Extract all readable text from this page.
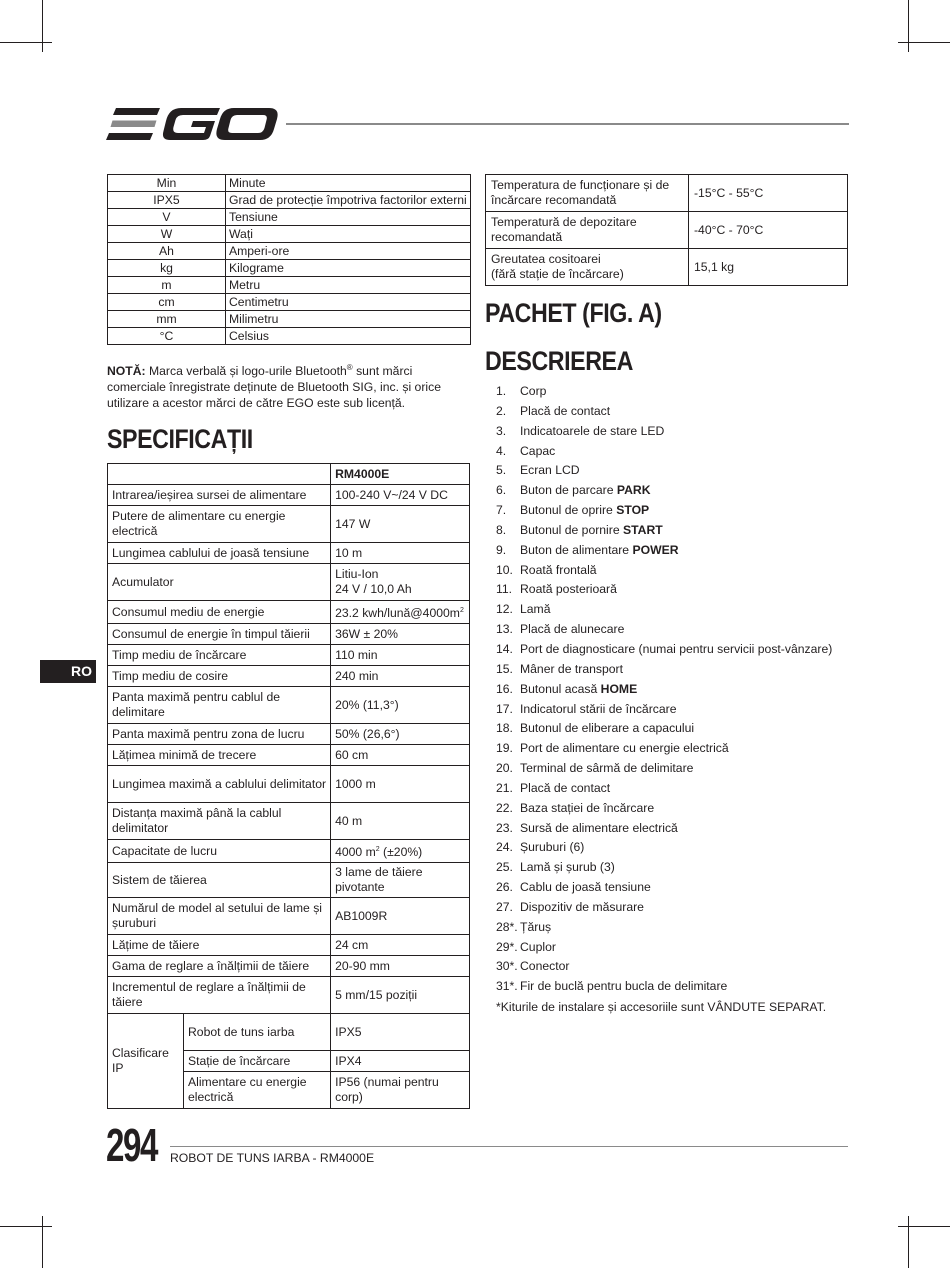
Min	Minute
IPX5	Grad de protecție împotriva factorilor externi
V	Tensiune
W	Wați
Ah	Amperi-ore
kg	Kilograme
m	Metru
cm	Centimetru
mm	Milimetru
°C	Celsius
NOTĂ: Marca verbală și logo-urile Bluetooth® sunt mărci comerciale înregistrate deținute de Bluetooth SIG, inc. și orice utilizare a acestor mărci de către EGO este sub licență.
SPECIFICAȚII
		RM4000E
Intrarea/ieșirea sursei de alimentare		100-240 V~/24 V DC
Putere de alimentare cu energie electrică		147 W
Lungimea cablului de joasă tensiune		10 m
Acumulator		Litiu-Ion
24 V / 10,0 Ah
Consumul mediu de energie		23.2 kwh/$lună@4000m^2$
Consumul de energie în timpul tăierii		36W ± 20%
Timp mediu de încărcare		110 min
Timp mediu de cosire		240 min
Panta maximă pentru cablul de delimitare		20% (11,3°)
Panta maximă pentru zona de lucru		50% (26,6°)
Lățimea minimă de trecere		60 cm
Lungimea maximă a cablului delimitator		1000 m
Distanța maximă până la cablul delimitator		40 m
Capacitate de lucru		4000 $m^2$ (±20%)
Sistem de tăierea		3 lame de tăiere pivotante
Numărul de model al setului de lame și șuruburi		AB1009R
Lățime de tăiere		24 cm
Gama de reglare a înălțimii de tăiere		20-90 mm
Incrementul de reglare a înălțimii de tăiere		5 mm/15 poziții
Clasificare IP	Robot de tuns iarba	IPX5
	Stație de încărcare	IPX4
	Alimentare cu energie electrică	IP56 (numai pentru corp)
Temperatura de funcționare și de încărcare recomandată	-15°C - 55°C
Temperatură de depozitare recomandată	-40°C - 70°C
Greutatea cositoarei
(fără stație de încărcare)	15,1 kg
RO
PACHET (FIG. A)
DESCRIEREA
1. Corp
2. Placă de contact
3. Indicatoarele de stare LED
4. Capac
5. Ecran LCD
6. Buton de parcare PARK
7. Butonul de oprire STOP
8. Butonul de pornire START
9. Buton de alimentare POWER
10. Roată frontală
11. Roată posterioară
12. Lamă
13. Placă de alunecare
14. Port de diagnosticare (numai pentru servicii post-vânzare)
15. Mâner de transport
16. Butonul acasă HOME
17. Indicatorul stării de încărcare
18. Butonul de eliberare a capacului
19. Port de alimentare cu energie electrică
20. Terminal de sârmă de delimitare
21. Placă de contact
22. Baza stației de încărcare
23. Sursă de alimentare electrică
24. Șuruburi (6)
25. Lamă și șurub (3)
26. Cablu de joasă tensiune
27. Dispozitiv de măsurare
28*. Țăruș
29*. Cuplor
30*. Conector
31*. Fir de buclă pentru bucla de delimitare
*Kiturile de instalare și accesoriile sunt VÂNDUTE SEPARAT.
294 ROBOT DE TUNS IARBA - RM4000E
